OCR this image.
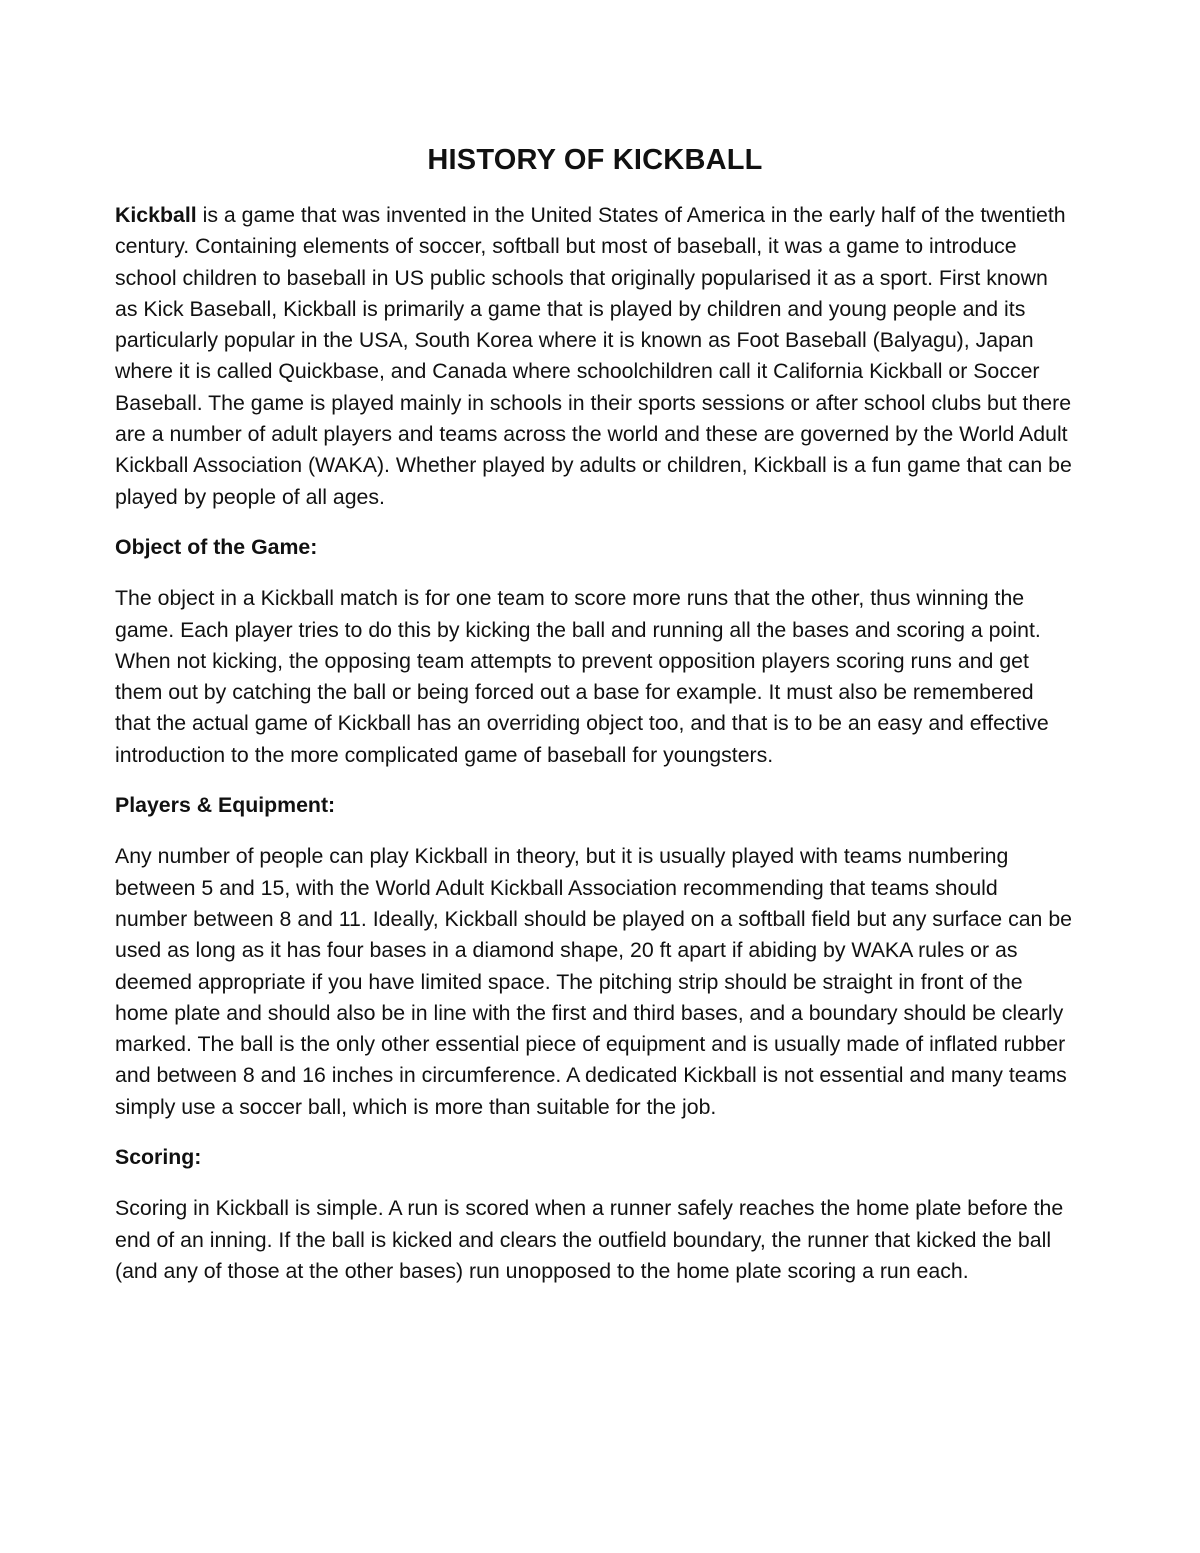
HISTORY OF KICKBALL

Kickball is a game that was invented in the United States of America in the early half of the twentieth century. Containing elements of soccer, softball but most of baseball, it was a game to introduce school children to baseball in US public schools that originally popularised it as a sport. First known as Kick Baseball, Kickball is primarily a game that is played by children and young people and its particularly popular in the USA, South Korea where it is known as Foot Baseball (Balyagu), Japan where it is called Quickbase, and Canada where schoolchildren call it California Kickball or Soccer Baseball. The game is played mainly in schools in their sports sessions or after school clubs but there are a number of adult players and teams across the world and these are governed by the World Adult Kickball Association (WAKA). Whether played by adults or children, Kickball is a fun game that can be played by people of all ages.

Object of the Game:

The object in a Kickball match is for one team to score more runs that the other, thus winning the game. Each player tries to do this by kicking the ball and running all the bases and scoring a point. When not kicking, the opposing team attempts to prevent opposition players scoring runs and get them out by catching the ball or being forced out a base for example. It must also be remembered that the actual game of Kickball has an overriding object too, and that is to be an easy and effective introduction to the more complicated game of baseball for youngsters.

Players & Equipment:

Any number of people can play Kickball in theory, but it is usually played with teams numbering between 5 and 15, with the World Adult Kickball Association recommending that teams should number between 8 and 11. Ideally, Kickball should be played on a softball field but any surface can be used as long as it has four bases in a diamond shape, 20 ft apart if abiding by WAKA rules or as deemed appropriate if you have limited space. The pitching strip should be straight in front of the home plate and should also be in line with the first and third bases, and a boundary should be clearly marked. The ball is the only other essential piece of equipment and is usually made of inflated rubber and between 8 and 16 inches in circumference. A dedicated Kickball is not essential and many teams simply use a soccer ball, which is more than suitable for the job.

Scoring:

Scoring in Kickball is simple. A run is scored when a runner safely reaches the home plate before the end of an inning. If the ball is kicked and clears the outfield boundary, the runner that kicked the ball (and any of those at the other bases) run unopposed to the home plate scoring a run each.
